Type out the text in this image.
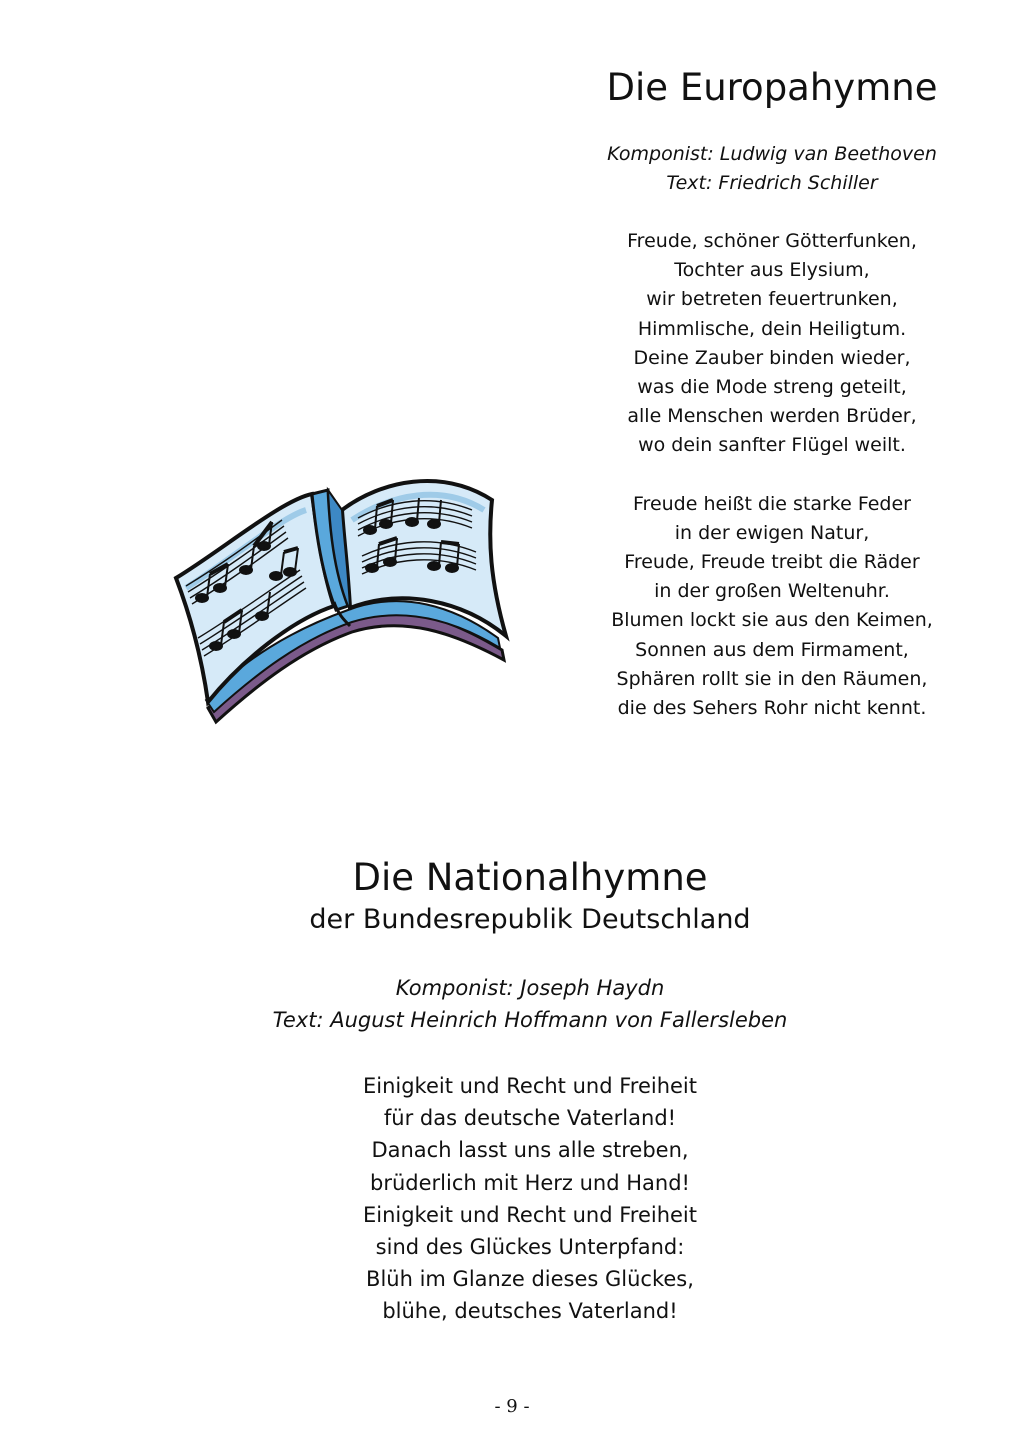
Die Europahymne

Komponist: Ludwig van Beethoven

Text: Friedrich Schiller

Freude, schöner Götterfunken,
Tochter aus Elysium,
wir betreten feuertrunken,
Himmlische, dein Heiligtum.
Deine Zauber binden wieder,
was die Mode streng geteilt,
alle Menschen werden Brüder,
wo dein sanfter Flügel weilt.

Freude heißt die starke Feder
in der ewigen Natur,
Freude, Freude treibt die Räder
in der großen Weltenuhr.
Blumen lockt sie aus den Keimen,
Sonnen aus dem Firmament,
Sphären rollt sie in den Räumen,
die des Sehers Rohr nicht kennt.

Die Nationalhymne

der Bundesrepublik Deutschland

Komponist: Joseph Haydn

Text: August Heinrich Hoffmann von Fallersleben

Einigkeit und Recht und Freiheit
für das deutsche Vaterland!
Danach lasst uns alle streben,
brüderlich mit Herz und Hand!
Einigkeit und Recht und Freiheit
sind des Glückes Unterpfand:
Blüh im Glanze dieses Glückes,
blühe, deutsches Vaterland!

- 9 -
